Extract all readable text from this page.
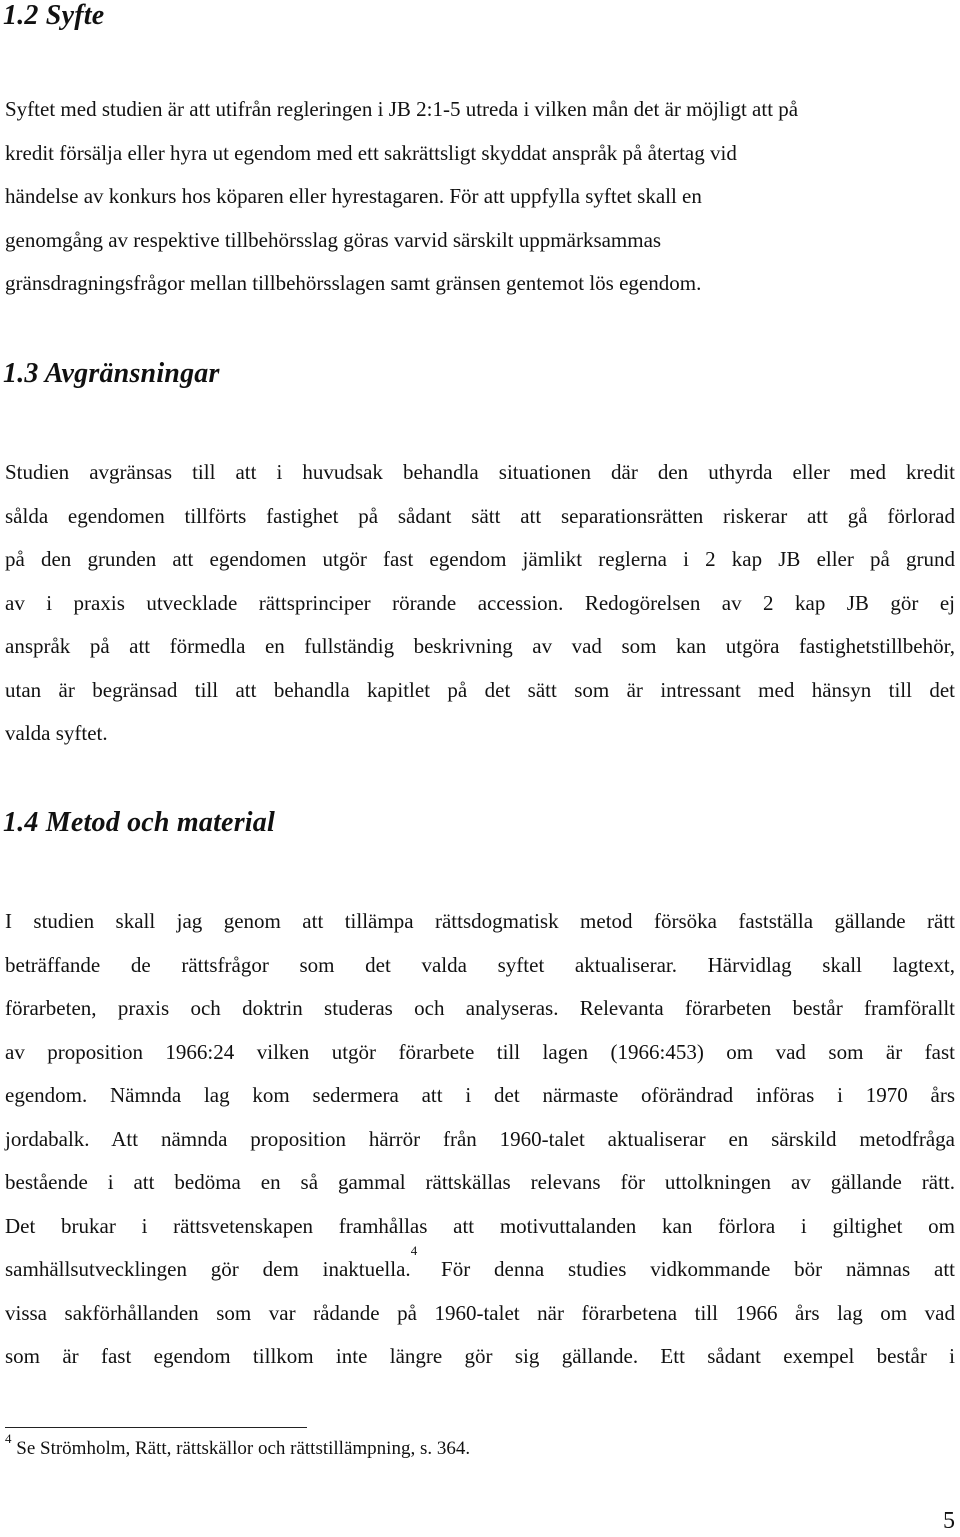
1.2 Syfte
Syftet med studien är att utifrån regleringen i JB 2:1-5 utreda i vilken mån det är möjligt att på
kredit försälja eller hyra ut egendom med ett sakrättsligt skyddat anspråk på återtag vid
händelse av konkurs hos köparen eller hyrestagaren. För att uppfylla syftet skall en
genomgång av respektive tillbehörsslag göras varvid särskilt uppmärksammas
gränsdragningsfrågor mellan tillbehörsslagen samt gränsen gentemot lös egendom.
1.3 Avgränsningar
Studien avgränsas till att i huvudsak behandla situationen där den uthyrda eller med kredit
sålda egendomen tillförts fastighet på sådant sätt att separationsrätten riskerar att gå förlorad
på den grunden att egendomen utgör fast egendom jämlikt reglerna i 2 kap JB eller på grund
av i praxis utvecklade rättsprinciper rörande accession. Redogörelsen av 2 kap JB gör ej
anspråk på att förmedla en fullständig beskrivning av vad som kan utgöra fastighetstillbehör,
utan är begränsad till att behandla kapitlet på det sätt som är intressant med hänsyn till det
valda syftet.
1.4 Metod och material
I studien skall jag genom att tillämpa rättsdogmatisk metod försöka fastställa gällande rätt
beträffande de rättsfrågor som det valda syftet aktualiserar. Härvidlag skall lagtext,
förarbeten, praxis och doktrin studeras och analyseras. Relevanta förarbeten består framförallt
av proposition 1966:24 vilken utgör förarbete till lagen (1966:453) om vad som är fast
egendom. Nämnda lag kom sedermera att i det närmaste oförändrad införas i 1970 års
jordabalk. Att nämnda proposition härrör från 1960-talet aktualiserar en särskild metodfråga
bestående i att bedöma en så gammal rättskällas relevans för uttolkningen av gällande rätt.
Det brukar i rättsvetenskapen framhållas att motivuttalanden kan förlora i giltighet om
samhällsutvecklingen gör dem inaktuella.$^4$ För denna studies vidkommande bör nämnas att
vissa sakförhållanden som var rådande på 1960-talet när förarbetena till 1966 års lag om vad
som är fast egendom tillkom inte längre gör sig gällande. Ett sådant exempel består i

$^4$ Se Strömholm, Rätt, rättskällor och rättstillämpning, s. 364.

5
